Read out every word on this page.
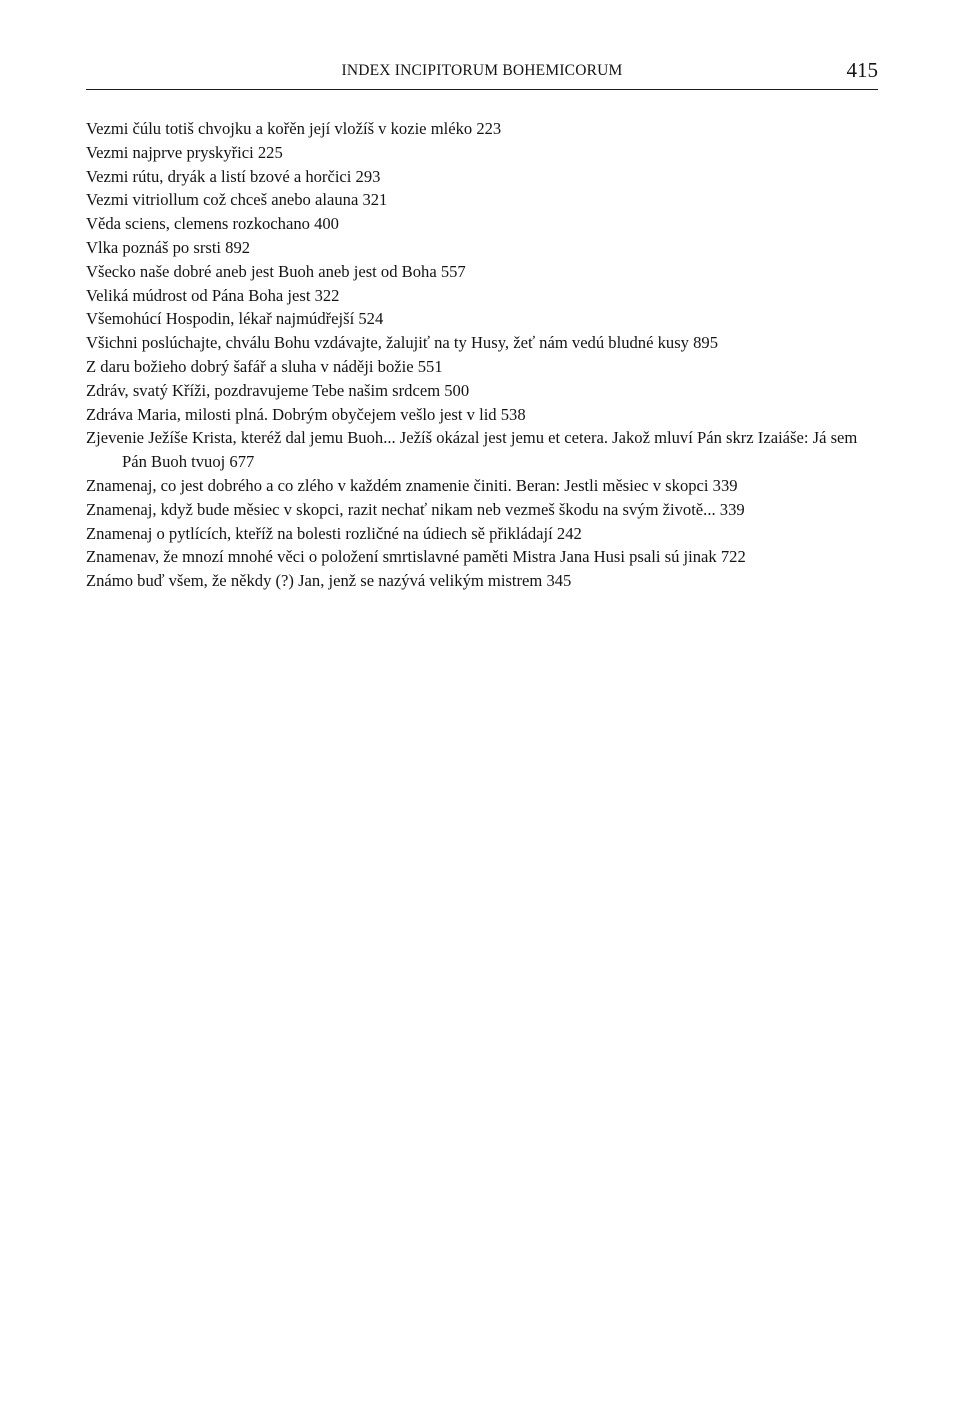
INDEX INCIPITORUM BOHEMICORUM	415
Vezmi čúlu totiš chvojku a kořěn její vložíš v kozie mléko 223
Vezmi najprve pryskyřici 225
Vezmi rútu, dryák a listí bzové a horčici 293
Vezmi vitriollum což chceš anebo alauna 321
Věda sciens, clemens rozkochano 400
Vlka poznáš po srsti 892
Všecko naše dobré aneb jest Buoh aneb jest od Boha 557
Veliká múdrost od Pána Boha jest 322
Všemohúcí Hospodin, lékař najmúdřejší 524
Všichni poslúchajte, chválu Bohu vzdávajte, žalujiť na ty Husy, žeť nám vedú bludné kusy 895
Z daru božieho dobrý šafář a sluha v náději božie 551
Zdráv, svatý Kříži, pozdravujeme Tebe našim srdcem 500
Zdráva Maria, milosti plná. Dobrým obyčejem vešlo jest v lid 538
Zjevenie Ježíše Krista, kteréž dal jemu Buoh... Ježíš okázal jest jemu et cetera. Jakož mluví Pán skrz Izaiáše: Já sem Pán Buoh tvuoj 677
Znamenaj, co jest dobrého a co zlého v každém znamenie činiti. Beran: Jestli měsiec v skopci 339
Znamenaj, když bude měsiec v skopci, razit nechať nikam neb vezmeš škodu na svým životě... 339
Znamenaj o pytlících, kteříž na bolesti rozličné na údiech sě přikládají 242
Znamenav, že mnozí mnohé věci o položení smrtislavné paměti Mistra Jana Husi psali sú jinak 722
Známo buď všem, že někdy (?) Jan, jenž se nazývá velikým mistrem 345
